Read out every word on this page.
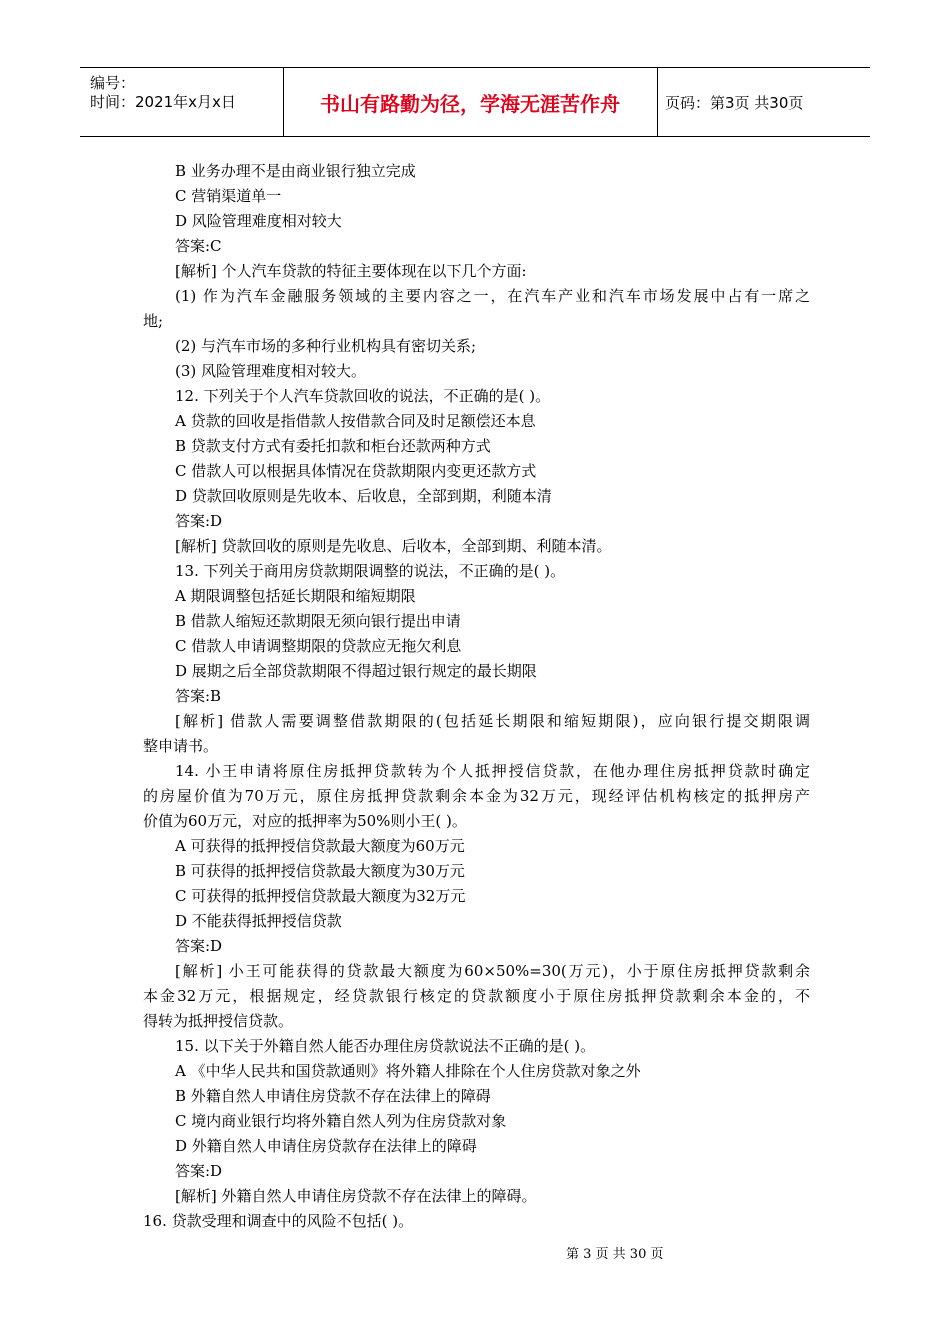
编号：
时间：2021年x月x日	书山有路勤为径，学海无涯苦作舟	页码：第3页 共30页
B 业务办理不是由商业银行独立完成
C 营销渠道单一
D 风险管理难度相对较大
答案:C
[解析] 个人汽车贷款的特征主要体现在以下几个方面:
(1) 作为汽车金融服务领域的主要内容之一，在汽车产业和汽车市场发展中占有一席之
地;
(2) 与汽车市场的多种行业机构具有密切关系;
(3) 风险管理难度相对较大。
12. 下列关于个人汽车贷款回收的说法，不正确的是( )。
A 贷款的回收是指借款人按借款合同及时足额偿还本息
B 贷款支付方式有委托扣款和柜台还款两种方式
C 借款人可以根据具体情况在贷款期限内变更还款方式
D 贷款回收原则是先收本、后收息，全部到期，利随本清
答案:D
[解析] 贷款回收的原则是先收息、后收本，全部到期、利随本清。
13. 下列关于商用房贷款期限调整的说法，不正确的是( )。
A 期限调整包括延长期限和缩短期限
B 借款人缩短还款期限无须向银行提出申请
C 借款人申请调整期限的贷款应无拖欠利息
D 展期之后全部贷款期限不得超过银行规定的最长期限
答案:B
[解析] 借款人需要调整借款期限的(包括延长期限和缩短期限)，应向银行提交期限调
整申请书。
14. 小王申请将原住房抵押贷款转为个人抵押授信贷款，在他办理住房抵押贷款时确定
的房屋价值为70万元，原住房抵押贷款剩余本金为32万元，现经评估机构核定的抵押房产
价值为60万元，对应的抵押率为50%则小王( )。
A 可获得的抵押授信贷款最大额度为60万元
B 可获得的抵押授信贷款最大额度为30万元
C 可获得的抵押授信贷款最大额度为32万元
D 不能获得抵押授信贷款
答案:D
[解析] 小王可能获得的贷款最大额度为60×50%=30(万元)，小于原住房抵押贷款剩余
本金32万元，根据规定，经贷款银行核定的贷款额度小于原住房抵押贷款剩余本金的，不
得转为抵押授信贷款。
15. 以下关于外籍自然人能否办理住房贷款说法不正确的是( )。
A 《中华人民共和国贷款通则》将外籍人排除在个人住房贷款对象之外
B 外籍自然人申请住房贷款不存在法律上的障碍
C 境内商业银行均将外籍自然人列为住房贷款对象
D 外籍自然人申请住房贷款存在法律上的障碍
答案:D
[解析] 外籍自然人申请住房贷款不存在法律上的障碍。
16. 贷款受理和调查中的风险不包括( )。
第 3 页 共 30 页
